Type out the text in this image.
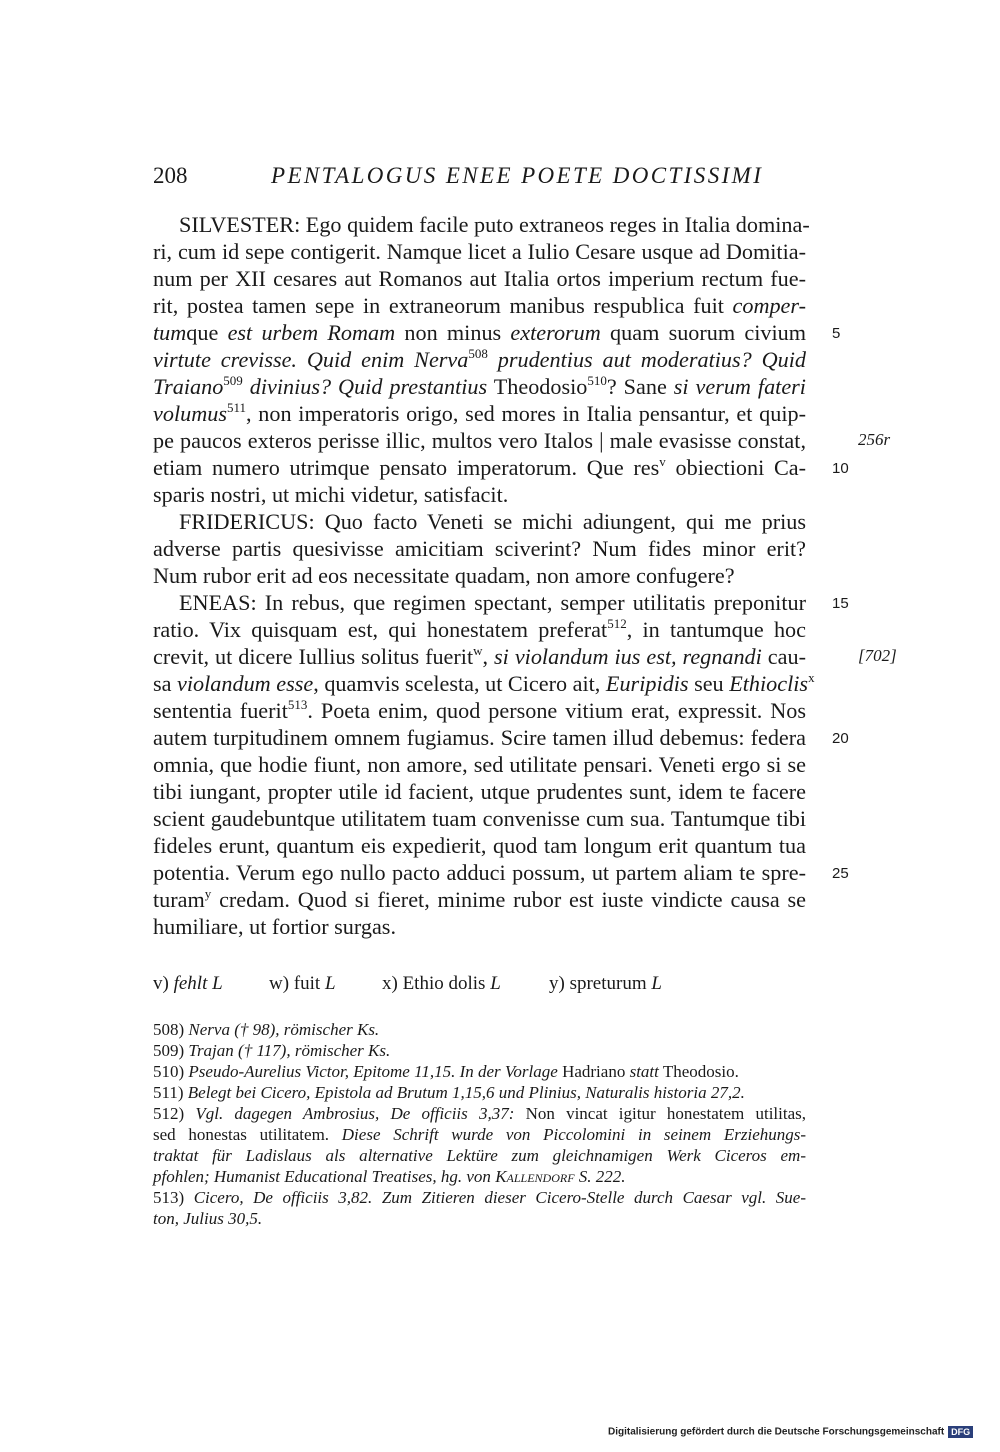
208	PENTALOGUS ENEE POETE DOCTISSIMI
SILVESTER: Ego quidem facile puto extraneos reges in Italia domina-
ri, cum id sepe contigerit. Namque licet a Iulio Cesare usque ad Domitia-
num per XII cesares aut Romanos aut Italia ortos imperium rectum fue-
rit, postea tamen sepe in extraneorum manibus respublica fuit comper-
tumque est urbem Romam non minus exterorum quam suorum civium
virtute crevisse. Quid enim Nerva$^{508}$ prudentius aut moderatius? Quid
Traiano$^{509}$ divinius? Quid prestantius Theodosio$^{510}$? Sane si verum fateri
volumus$^{511}$, non imperatoris origo, sed mores in Italia pensantur, et quip-
pe paucos exteros perisse illic, multos vero Italos | male evasisse constat,
etiam numero utrimque pensato imperatorum. Que res$^v$ obiectioni Ca-
sparis nostri, ut michi videtur, satisfacit.
FRIDERICUS: Quo facto Veneti se michi adiungent, qui me prius
adverse partis quesivisse amicitiam sciverint? Num fides minor erit?
Num rubor erit ad eos necessitate quadam, non amore confugere?
ENEAS: In rebus, que regimen spectant, semper utilitatis preponitur
ratio. Vix quisquam est, qui honestatem preferat$^{512}$, in tantumque hoc
crevit, ut dicere Iullius solitus fuerit$^w$, si violandum ius est, regnandi cau-
sa violandum esse, quamvis scelesta, ut Cicero ait, Euripidis seu Ethioclis$^x$
sententia fuerit$^{513}$. Poeta enim, quod persone vitium erat, expressit. Nos
autem turpitudinem omnem fugiamus. Scire tamen illud debemus: federa
omnia, que hodie fiunt, non amore, sed utilitate pensari. Veneti ergo si se
tibi iungant, propter utile id facient, utque prudentes sunt, idem te facere
scient gaudebuntque utilitatem tuam convenisse cum sua. Tantumque tibi
fideles erunt, quantum eis expedierit, quod tam longum erit quantum tua
potentia. Verum ego nullo pacto adduci possum, ut partem aliam te spre-
turam$^y$ credam. Quod si fieret, minime rubor est iuste vindicte causa se
humiliare, ut fortior surgas.
5
10
15
20
25
256r
[702]
v) fehlt L w) fuit L x) Ethio dolis L	y) spreturum L
508) Nerva († 98), römischer Ks.
509) Trajan († 117), römischer Ks.
510) Pseudo-Aurelius Victor, Epitome 11,15. In der Vorlage Hadriano statt Theodosio.
511) Belegt bei Cicero, Epistola ad Brutum 1,15,6 und Plinius, Naturalis historia 27,2.
512) Vgl. dagegen Ambrosius, De officiis 3,37: Non vincat igitur honestatem utilitas,
sed honestas utilitatem. Diese Schrift wurde von Piccolomini in seinem Erziehungs-
traktat für Ladislaus als alternative Lektüre zum gleichnamigen Werk Ciceros em-
pfohlen; Humanist Educational Treatises, hg. von Kallendorf S. 222.
513) Cicero, De officiis 3,82. Zum Zitieren dieser Cicero-Stelle durch Caesar vgl. Sue-
ton, Julius 30,5.
Digitalisierung gefördert durch die Deutsche Forschungsgemeinschaft DFG
